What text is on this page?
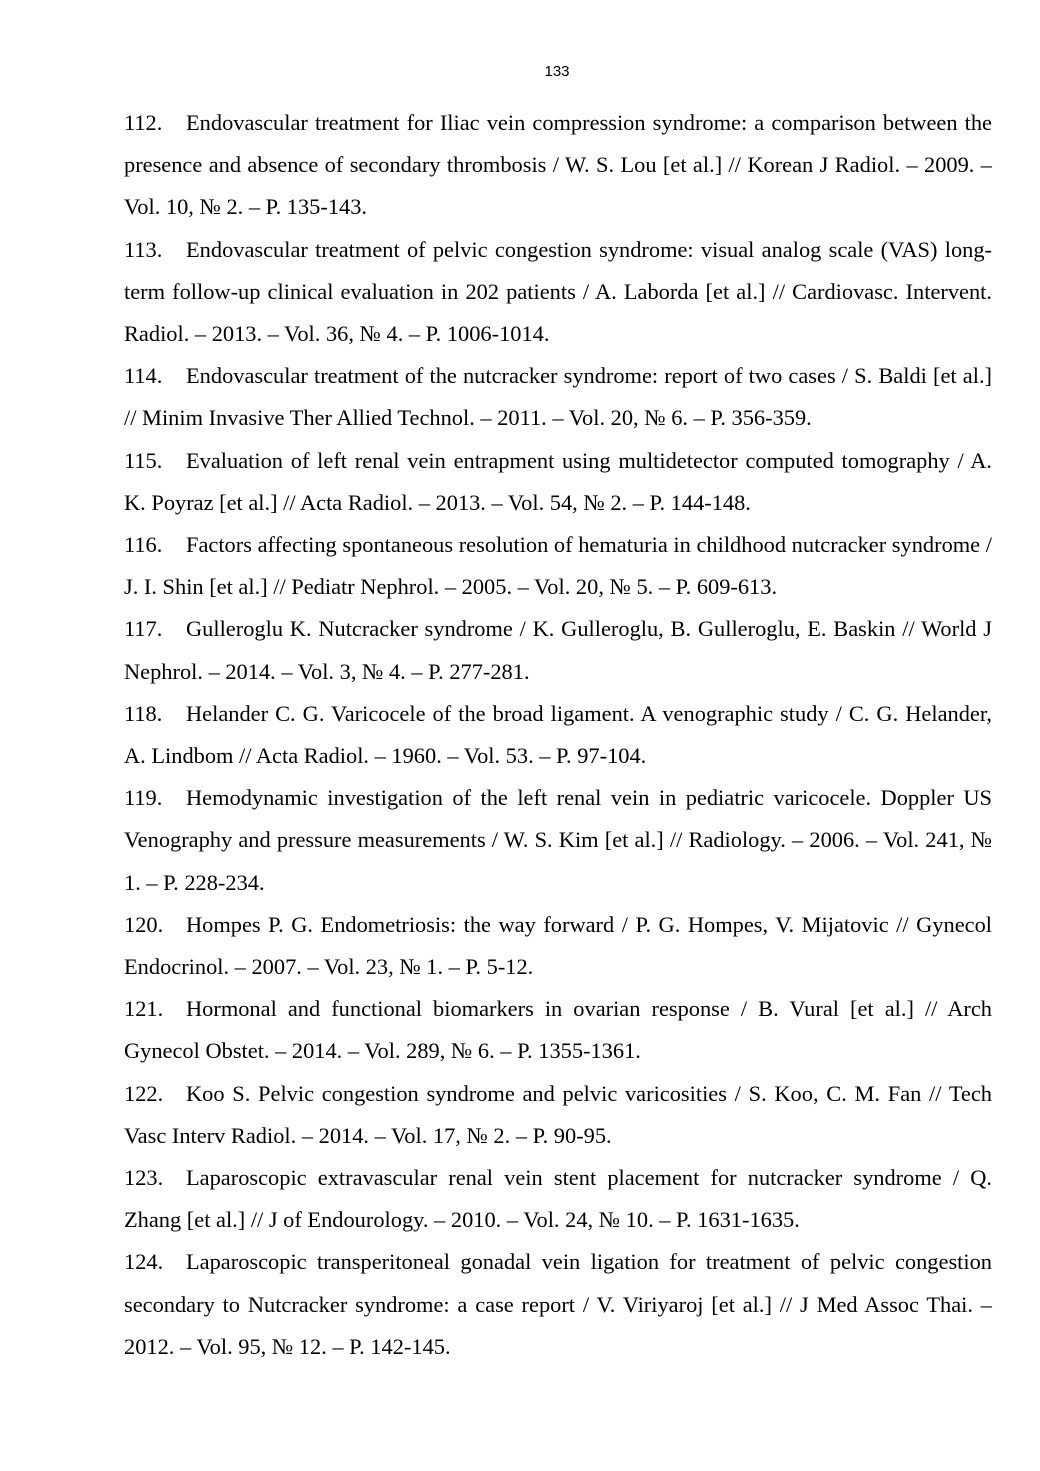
133

112. Endovascular treatment for Iliac vein compression syndrome: a comparison between the presence and absence of secondary thrombosis / W. S. Lou [et al.] // Korean J Radiol. – 2009. – Vol. 10, № 2. – P. 135-143.

113. Endovascular treatment of pelvic congestion syndrome: visual analog scale (VAS) long-term follow-up clinical evaluation in 202 patients / A. Laborda [et al.] // Cardiovasc. Intervent. Radiol. – 2013. – Vol. 36, № 4. – P. 1006-1014.

114. Endovascular treatment of the nutcracker syndrome: report of two cases / S. Baldi [et al.] // Minim Invasive Ther Allied Technol. – 2011. – Vol. 20, № 6. – P. 356-359.

115. Evaluation of left renal vein entrapment using multidetector computed tomography / A. K. Poyraz [et al.] // Acta Radiol. – 2013. – Vol. 54, № 2. – P. 144-148.

116. Factors affecting spontaneous resolution of hematuria in childhood nutcracker syndrome / J. I. Shin [et al.] // Pediatr Nephrol. – 2005. – Vol. 20, № 5. – P. 609-613.

117. Gulleroglu K. Nutcracker syndrome / K. Gulleroglu, B. Gulleroglu, E. Baskin // World J Nephrol. – 2014. – Vol. 3, № 4. – P. 277-281.

118. Helander C. G. Varicocele of the broad ligament. A venographic study / C. G. Helander, A. Lindbom // Acta Radiol. – 1960. – Vol. 53. – P. 97-104.

119. Hemodynamic investigation of the left renal vein in pediatric varicocele. Doppler US Venography and pressure measurements / W. S. Kim [et al.] // Radiology. – 2006. – Vol. 241, № 1. – P. 228-234.

120. Hompes P. G. Endometriosis: the way forward / P. G. Hompes, V. Mijatovic // Gynecol Endocrinol. – 2007. – Vol. 23, № 1. – P. 5-12.

121. Hormonal and functional biomarkers in ovarian response / B. Vural [et al.] // Arch Gynecol Obstet. – 2014. – Vol. 289, № 6. – P. 1355-1361.

122. Koo S. Pelvic congestion syndrome and pelvic varicosities / S. Koo, C. M. Fan // Tech Vasc Interv Radiol. – 2014. – Vol. 17, № 2. – P. 90-95.

123. Laparoscopic extravascular renal vein stent placement for nutcracker syndrome / Q. Zhang [et al.] // J of Endourology. – 2010. – Vol. 24, № 10. – P. 1631-1635.

124. Laparoscopic transperitoneal gonadal vein ligation for treatment of pelvic congestion secondary to Nutcracker syndrome: a case report / V. Viriyaroj [et al.] // J Med Assoc Thai. – 2012. – Vol. 95, № 12. – P. 142-145.
